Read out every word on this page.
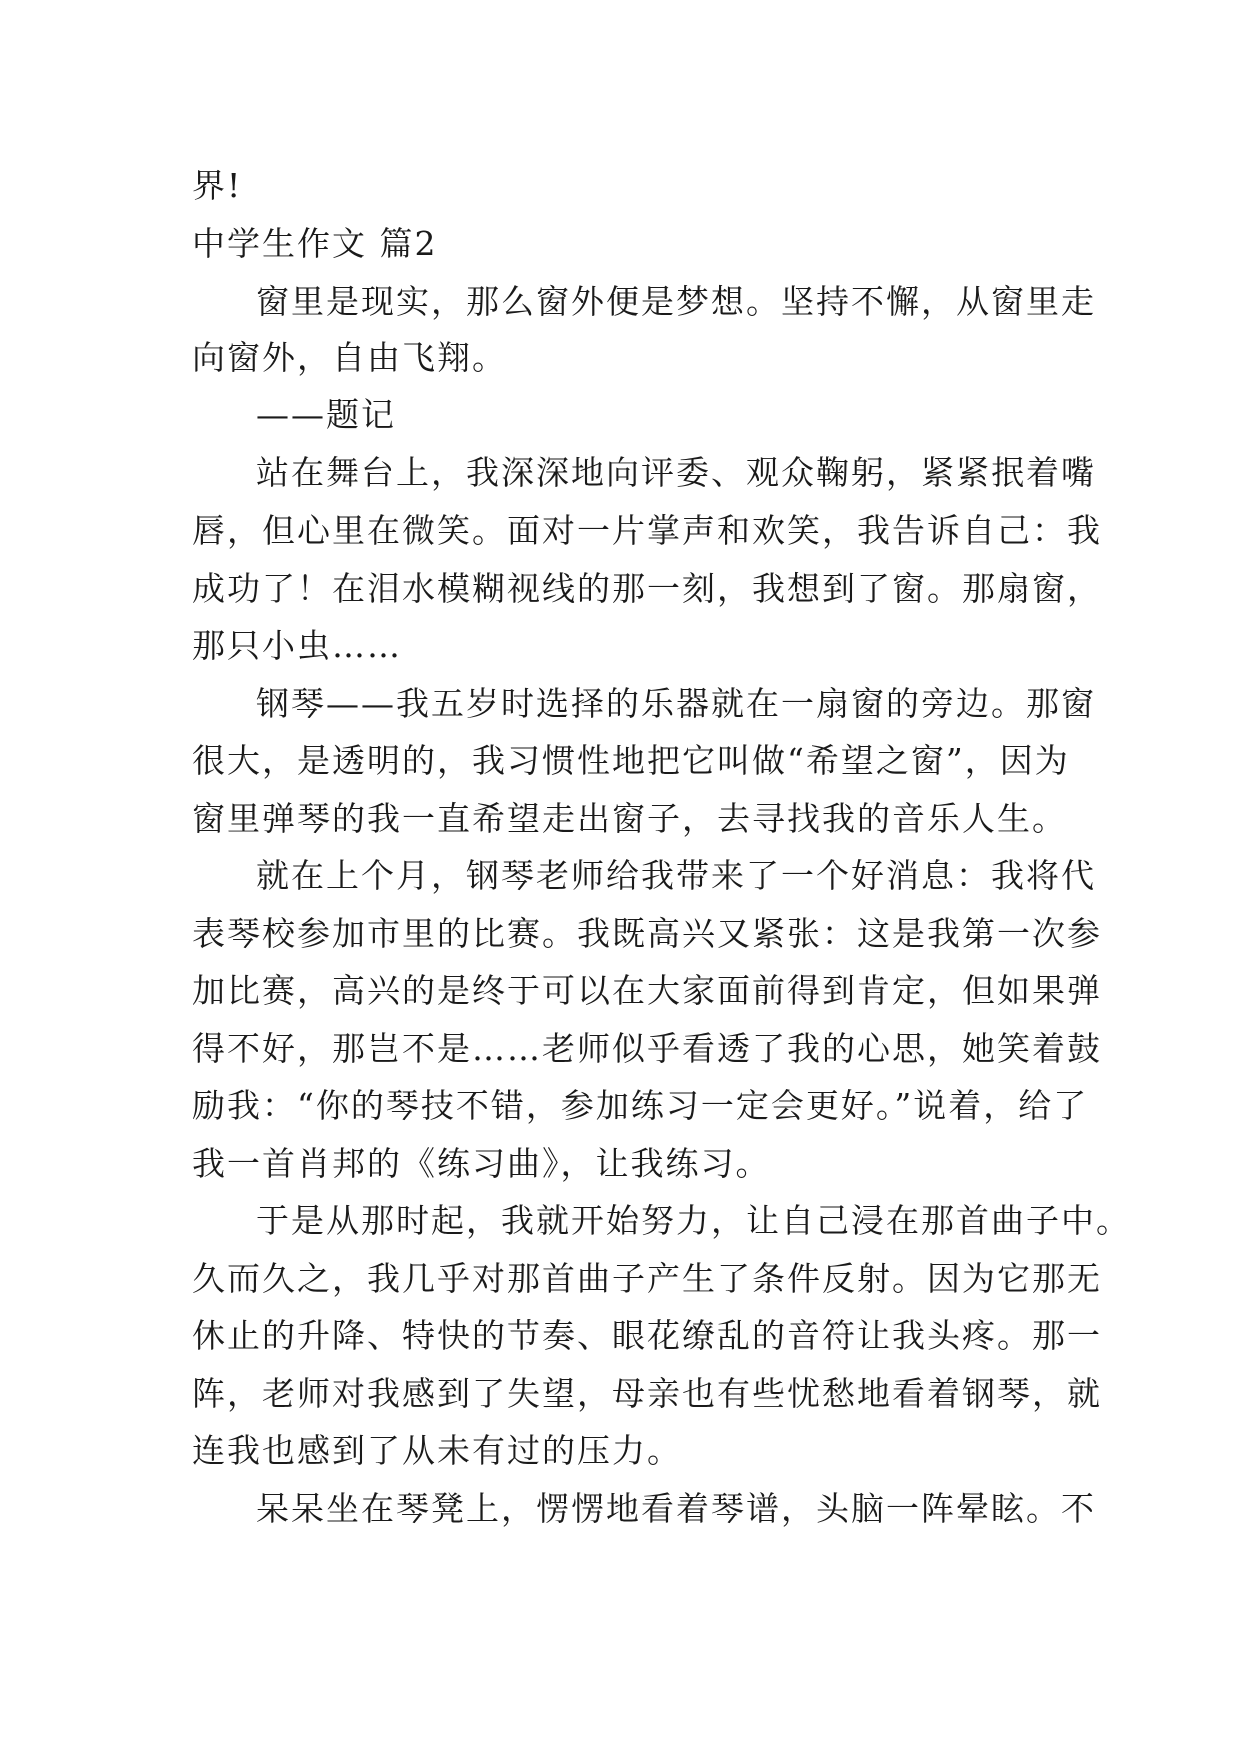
界!
中学生作文 篇2
窗里是现实，那么窗外便是梦想。坚持不懈，从窗里走
向窗外，自由飞翔。
——题记
站在舞台上，我深深地向评委、观众鞠躬，紧紧抿着嘴
唇，但心里在微笑。面对一片掌声和欢笑，我告诉自己：我
成功了！在泪水模糊视线的那一刻，我想到了窗。那扇窗，
那只小虫……
钢琴——我五岁时选择的乐器就在一扇窗的旁边。那窗
很大，是透明的，我习惯性地把它叫做“希望之窗”，因为
窗里弹琴的我一直希望走出窗子，去寻找我的音乐人生。
就在上个月，钢琴老师给我带来了一个好消息：我将代
表琴校参加市里的比赛。我既高兴又紧张：这是我第一次参
加比赛，高兴的是终于可以在大家面前得到肯定，但如果弹
得不好，那岂不是……老师似乎看透了我的心思，她笑着鼓
励我：“你的琴技不错，参加练习一定会更好。”说着，给了
我一首肖邦的《练习曲》，让我练习。
于是从那时起，我就开始努力，让自己浸在那首曲子中。
久而久之，我几乎对那首曲子产生了条件反射。因为它那无
休止的升降、特快的节奏、眼花缭乱的音符让我头疼。那一
阵，老师对我感到了失望，母亲也有些忧愁地看着钢琴，就
连我也感到了从未有过的压力。
呆呆坐在琴凳上，愣愣地看着琴谱，头脑一阵晕眩。不
